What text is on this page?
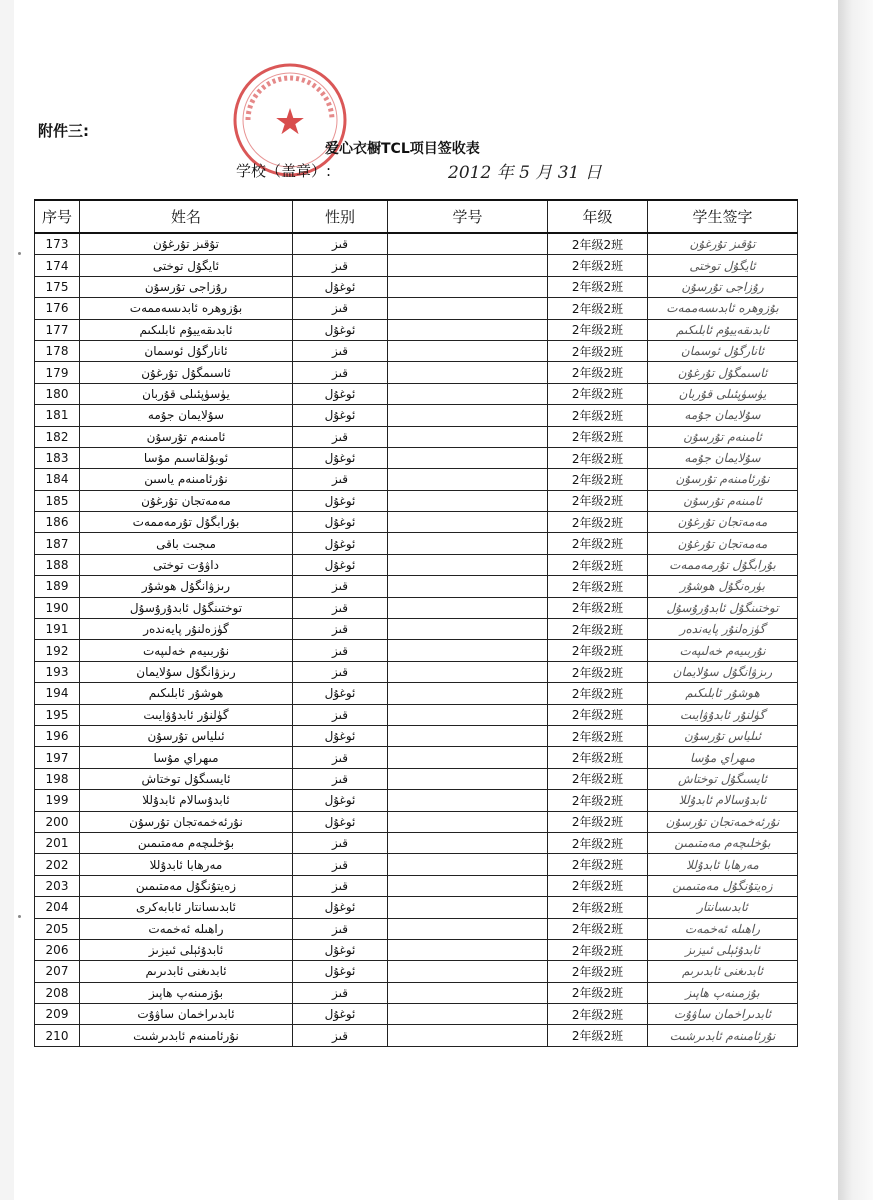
附件三:	★
爱心衣橱TCL项目签收表
学校（盖章）:	2012 年 5 月 31 日
序号	姓名	性别	学号	年级	学生签字
173	تۇقىز تۇرغۇن	قىز		2年级2班	تۇقىز تۇرغۇن
174	ئايگۇل توختى	قىز		2年级2班	ئايگۇل توختى
175	رۇزاجى تۇرسۇن	ئوغۇل		2年级2班	رۇزاجى تۇرسۇن
176	بۇزوهرە ئابدىسەممەت	قىز		2年级2班	بۇزوهرە ئابدىسەممەت
177	ئابدىقەييۇم ئابلىكىم	ئوغۇل		2年级2班	ئابدىقەييۇم ئابلىكىم
178	ئانارگۇل ئوسمان	قىز		2年级2班	ئانارگۇل ئوسمان
179	ئاسىمگۇل تۇرغۇن	قىز		2年级2班	ئاسىمگۇل تۇرغۇن
180	يۈسۈپئىلى قۇربان	ئوغۇل		2年级2班	يۈسۈپئىلى قۇربان
181	سۇلايمان جۇمە	ئوغۇل		2年级2班	سۇلايمان جۇمە
182	ئامىنەم تۇرسۇن	قىز		2年级2班	ئامىنەم تۇرسۇن
183	ئوبۇلقاسىم مۇسا	ئوغۇل		2年级2班	سۇلايمان جۇمە
184	نۇرئامىنەم ياسىن	قىز		2年级2班	نۇرئامىنەم تۇرسۇن
185	مەمەتجان تۇرغۇن	ئوغۇل		2年级2班	ئامىنەم تۇرسۇن
186	بۇرابگۇل تۇرمەممەت	ئوغۇل		2年级2班	مەمەتجان تۇرغۇن
187	مىجىت باقى	ئوغۇل		2年级2班	مەمەتجان تۇرغۇن
188	داۋۇت توختى	ئوغۇل		2年级2班	بۇرابگۇل تۇرمەممەت
189	رىزۋانگۇل ھوشۇر	قىز		2年级2班	بۈرەنگۇل ھوشۇر
190	توختىنگۇل ئابدۇرۇسۇل	قىز		2年级2班	توختىنگۇل ئابدۇرۇسۇل
191	گۈزەلنۇر پايەندەر	قىز		2年级2班	گۈزەلنۇر پايەندەر
192	نۇربىيەم خەلىپەت	قىز		2年级2班	نۇربىيەم خەلىپەت
193	رىزۋانگۇل سۇلايمان	قىز		2年级2班	رىزۋانگۇل سۇلايمان
194	ھوشۇر ئابلىكىم	ئوغۇل		2年级2班	ھوشۇر ئابلىكىم
195	گۈلنۇر ئابدۇۋايىت	قىز		2年级2班	گۈلنۇر ئابدۇۋايىت
196	ئىلياس تۇرسۇن	ئوغۇل		2年级2班	ئىلياس تۇرسۇن
197	مىھراي مۇسا	قىز		2年级2班	مىھراي مۇسا
198	ئايسىگۇل توختاش	قىز		2年级2班	ئايسىگۇل توختاش
199	ئابدۇسالام ئابدۇللا	ئوغۇل		2年级2班	ئابدۇسالام ئابدۇللا
200	نۇرئەخمەتجان تۇرسۇن	ئوغۇل		2年级2班	نۇرئەخمەتجان تۇرسۇن
201	بۇخلىچەم مەمتىمىن	قىز		2年级2班	بۇخلىچەم مەمتىمىن
202	مەرھابا ئابدۇللا	قىز		2年级2班	مەرھابا ئابدۇللا
203	زەيتۇنگۇل مەمتىمىن	قىز		2年级2班	زەيتۇنگۇل مەمتىمىن
204	ئابدىسانتار ئابابەكرى	ئوغۇل		2年级2班	ئابدىسانتار
205	راھىلە ئەخمەت	قىز		2年级2班	راھىلە ئەخمەت
206	ئابدۇئېلى ئىيزىز	ئوغۇل		2年级2班	ئابدۇئېلى ئىيزىز
207	ئابدىغنى ئابدىرىم	ئوغۇل		2年级2班	ئابدىغنى ئابدىرىم
208	بۇزمىنەپ ھاپىز	قىز		2年级2班	بۇزمىنەپ ھاپىز
209	ئابدىراخمان ساۋۇت	ئوغۇل		2年级2班	ئابدىراخمان ساۋۇت
210	نۇرئامىنەم ئابدىرشىت	قىز		2年级2班	نۇرئامىنەم ئابدىرشىت
